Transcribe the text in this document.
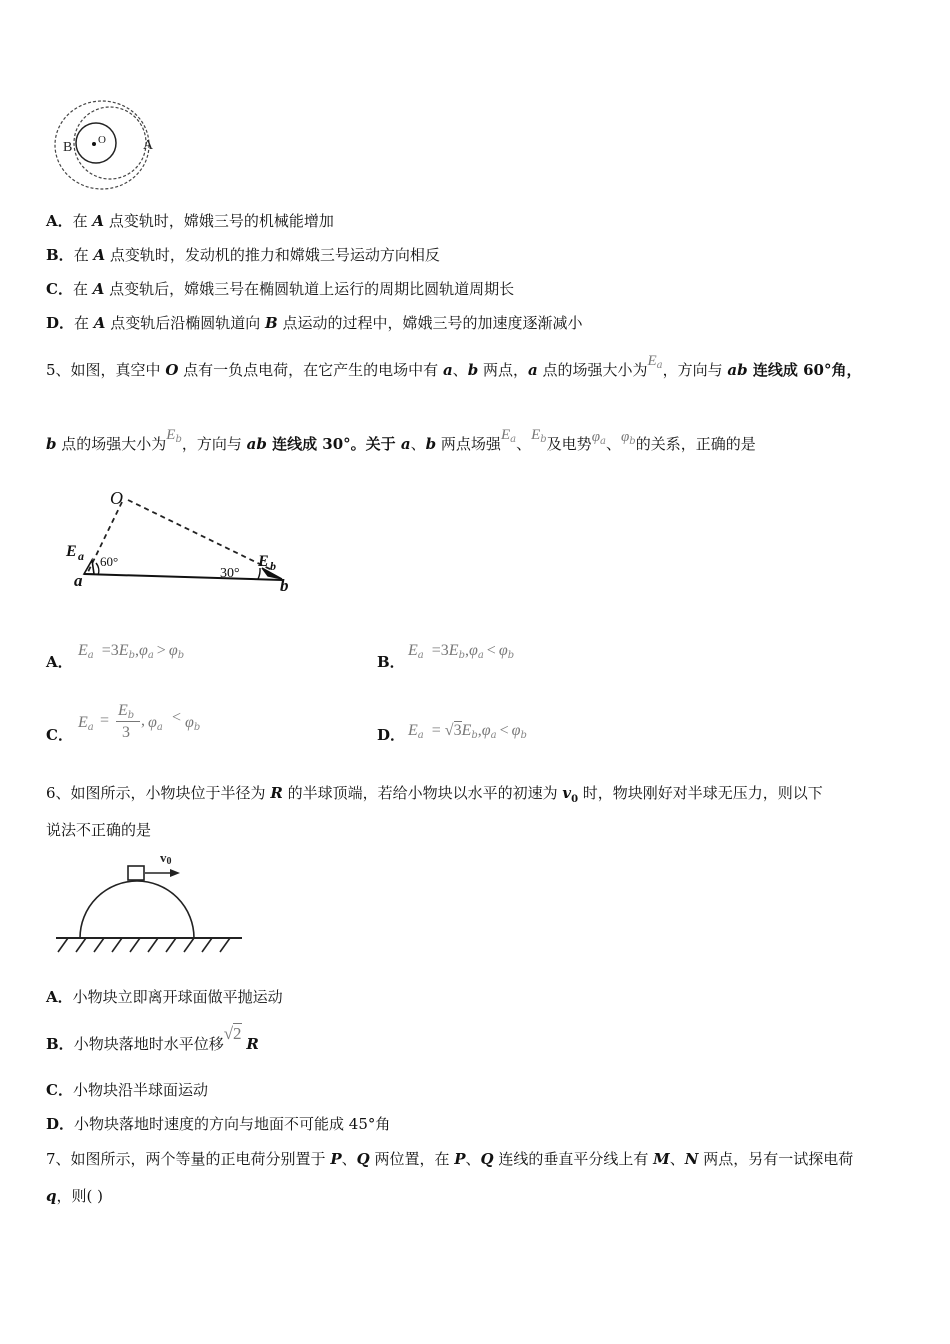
B O	A
A．在 A 点变轨时，嫦娥三号的机械能增加
B．在 A 点变轨时，发动机的推力和嫦娥三号运动方向相反
C．在 A 点变轨后，嫦娥三号在椭圆轨道上运行的周期比圆轨道周期长
D．在 A 点变轨后沿椭圆轨道向 B 点运动的过程中，嫦娥三号的加速度逐渐减小
5、如图，真空中 O 点有一负点电荷，在它产生的电场中有 a、b 两点，a 点的场强大小为$E_a$，方向与 ab 连线成 60°角，
b 点的场强大小为$E_b$，方向与 ab 连线成 30°。关于 a、b 两点场强$E_a$、$E_b$及电势$\varphi_a$、$\varphi_b$的关系，正确的是
O
E a 60°
a	30°
E b
b
A．
$E_a =3E_b,\varphi_a > \varphi_b$	B．
$E_a =3E_b,\varphi_a < \varphi_b$
C．
$E_a$ =
$E_b$
3
, $\varphi_a$
< $\varphi_b$	D． $E_a = √3E_b,\varphi_a < \varphi_b$
6、如图所示，小物块位于半径为 R 的半球顶端，若给小物块以水平的初速为 $v_0$ 时，物块刚好对半球无压力，则以下
说法不正确的是
v0
A．小物块立即离开球面做平抛运动
B．小物块落地时水平位移√2 R
C．小物块沿半球面运动
D．小物块落地时速度的方向与地面不可能成 45°角
7、如图所示，两个等量的正电荷分别置于 P、Q 两位置，在 P、Q 连线的垂直平分线上有 M、N 两点，另有一试探电荷
q，则( )
